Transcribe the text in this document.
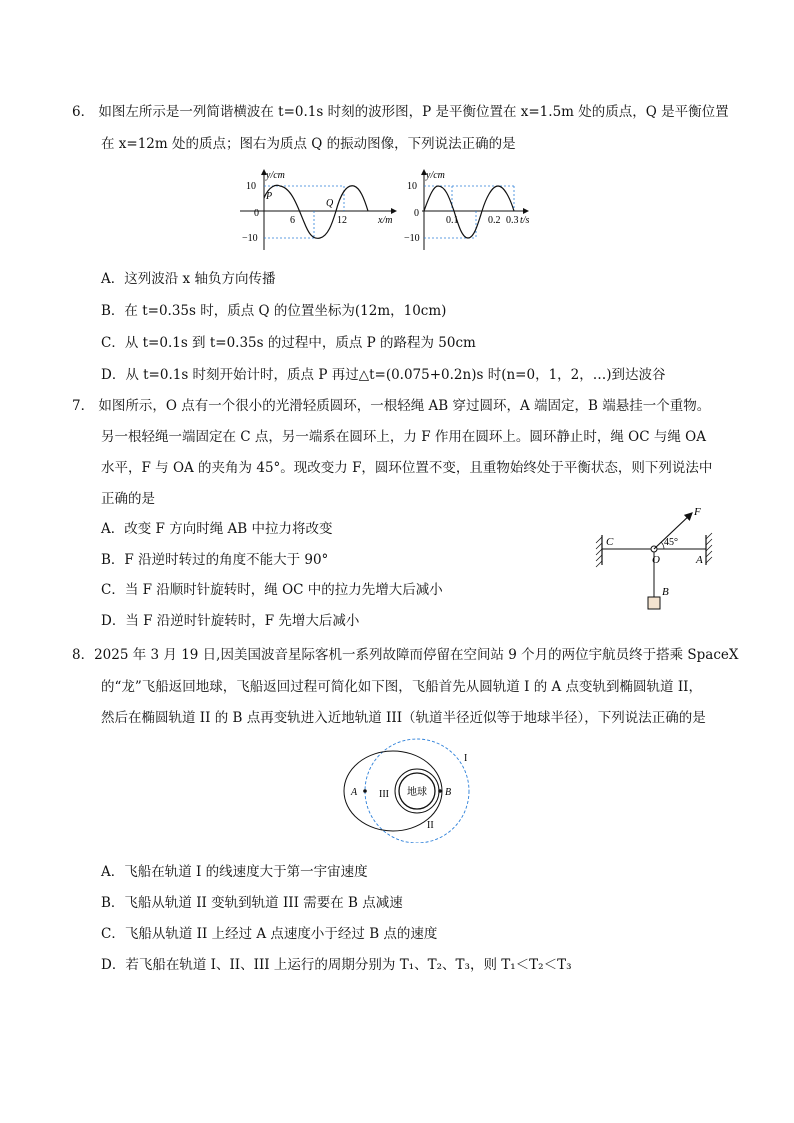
6． 如图左所示是一列简谐横波在 t=0.1s 时刻的波形图，P 是平衡位置在 x=1.5m 处的质点，Q 是平衡位置
在 x=12m 处的质点；图右为质点 Q 的振动图像，下列说法正确的是
y/cm
10
0
−10
6	12
P
Q
x/m
y/cm
10
0
−10
0.1	0.2 0.3 t/s
A．这列波沿 x 轴负方向传播
B．在 t=0.35s 时，质点 Q 的位置坐标为(12m，10cm)
C．从 t=0.1s 到 t=0.35s 的过程中，质点 P 的路程为 50cm
D．从 t=0.1s 时刻开始计时，质点 P 再过△t=(0.075+0.2n)s 时(n=0，1，2，…)到达波谷
7． 如图所示，O 点有一个很小的光滑轻质圆环，一根轻绳 AB 穿过圆环，A 端固定，B 端悬挂一个重物。
另一根轻绳一端固定在 C 点，另一端系在圆环上，力 F 作用在圆环上。圆环静止时，绳 OC 与绳 OA
水平，F 与 OA 的夹角为 45°。现改变力 F，圆环位置不变，且重物始终处于平衡状态，则下列说法中
正确的是
A．改变 F 方向时绳 AB 中拉力将改变
B．F 沿逆时转过的角度不能大于 90°
C．当 F 沿顺时针旋转时，绳 OC 中的拉力先增大后减小
D．当 F 沿逆时针旋转时，F 先增大后减小
F
C
O	A
B
45°
8．2025 年 3 月 19 日,因美国波音星际客机一系列故障而停留在空间站 9 个月的两位宇航员终于搭乘 SpaceX
的“龙”飞船返回地球，飞船返回过程可简化如下图，飞船首先从圆轨道 I 的 A 点变轨到椭圆轨道 II，
然后在椭圆轨道 II 的 B 点再变轨进入近地轨道 III（轨道半径近似等于地球半径），下列说法正确的是
地球
A	B
I
II
III
A．飞船在轨道 I 的线速度大于第一宇宙速度
B．飞船从轨道 II 变轨到轨道 III 需要在 B 点减速
C．飞船从轨道 II 上经过 A 点速度小于经过 B 点的速度
D．若飞船在轨道 I、II、III 上运行的周期分别为 T₁、T₂、T₃，则 T₁＜T₂＜T₃
